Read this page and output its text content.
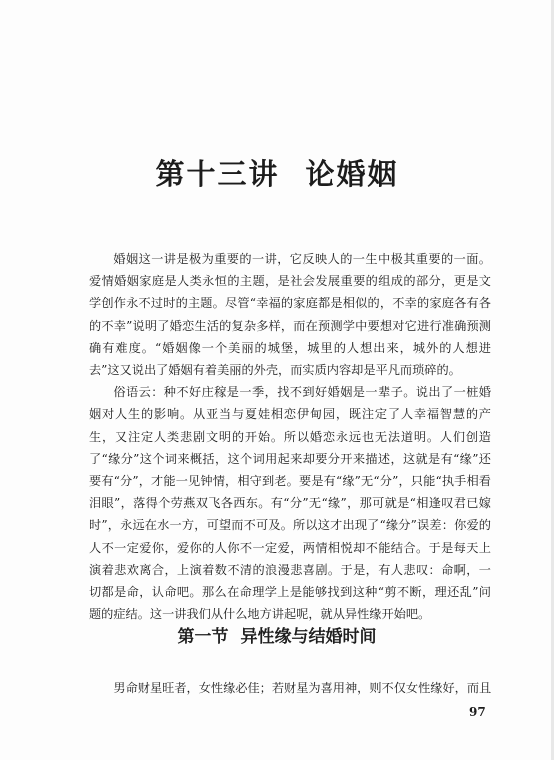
第十三讲 论婚姻

婚姻这一讲是极为重要的一讲，它反映人的一生中极其重要的一面。爱情婚姻家庭是人类永恒的主题，是社会发展重要的组成的部分，更是文学创作永不过时的主题。尽管“幸福的家庭都是相似的，不幸的家庭各有各的不幸”说明了婚恋生活的复杂多样，而在预测学中要想对它进行准确预测确有难度。“婚姻像一个美丽的城堡，城里的人想出来，城外的人想进去”这又说出了婚姻有着美丽的外壳，而实质内容却是平凡而琐碎的。

俗语云：种不好庄稼是一季，找不到好婚姻是一辈子。说出了一桩婚姻对人生的影响。从亚当与夏娃相恋伊甸园，既注定了人幸福智慧的产生，又注定人类悲剧文明的开始。所以婚恋永远也无法道明。人们创造了“缘分”这个词来概括，这个词用起来却要分开来描述，这就是有“缘”还要有“分”，才能一见钟情，相守到老。要是有“缘”无“分”，只能“执手相看泪眼”，落得个劳燕双飞各西东。有“分”无“缘”，那可就是“相逢叹君已嫁时”，永远在水一方，可望而不可及。所以这才出现了“缘分”误差：你爱的人不一定爱你，爱你的人你不一定爱，两情相悦却不能结合。于是每天上演着悲欢离合，上演着数不清的浪漫悲喜剧。于是，有人悲叹：命啊，一切都是命，认命吧。那么在命理学上是能够找到这种“剪不断，理还乱”问题的症结。这一讲我们从什么地方讲起呢，就从异性缘开始吧。

第一节 异性缘与结婚时间

男命财星旺者，女性缘必佳；若财星为喜用神，则不仅女性缘好，而且

97
